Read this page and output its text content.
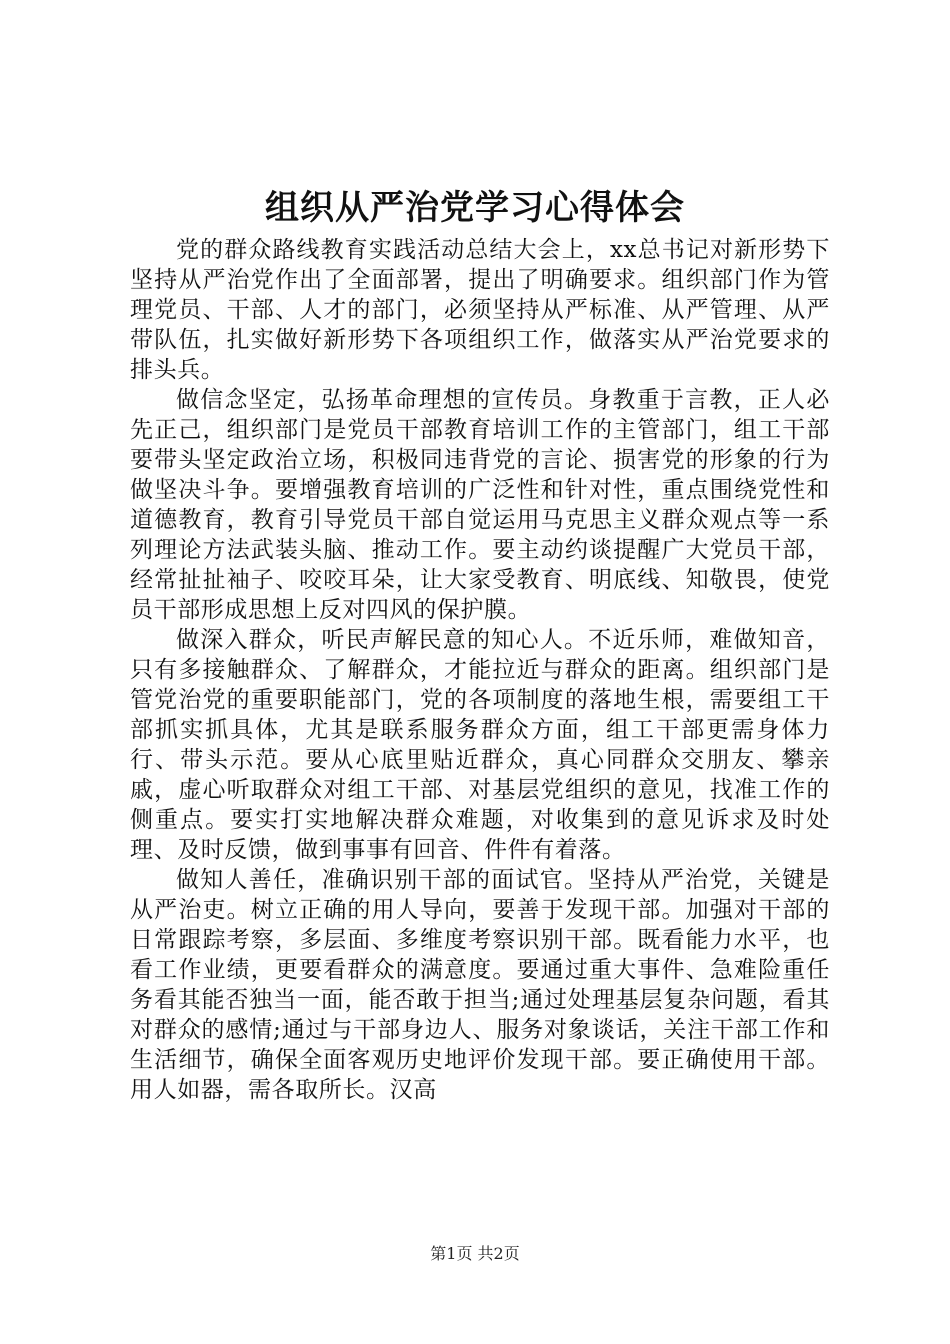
组织从严治党学习心得体会

党的群众路线教育实践活动总结大会上，xx总书记对新形势下坚持从严治党作出了全面部署，提出了明确要求。组织部门作为管理党员、干部、人才的部门，必须坚持从严标准、从严管理、从严带队伍，扎实做好新形势下各项组织工作，做落实从严治党要求的排头兵。

做信念坚定，弘扬革命理想的宣传员。身教重于言教，正人必先正己，组织部门是党员干部教育培训工作的主管部门，组工干部要带头坚定政治立场，积极同违背党的言论、损害党的形象的行为做坚决斗争。要增强教育培训的广泛性和针对性，重点围绕党性和道德教育，教育引导党员干部自觉运用马克思主义群众观点等一系列理论方法武装头脑、推动工作。要主动约谈提醒广大党员干部，经常扯扯袖子、咬咬耳朵，让大家受教育、明底线、知敬畏，使党员干部形成思想上反对四风的保护膜。

做深入群众，听民声解民意的知心人。不近乐师，难做知音，只有多接触群众、了解群众，才能拉近与群众的距离。组织部门是管党治党的重要职能部门，党的各项制度的落地生根，需要组工干部抓实抓具体，尤其是联系服务群众方面，组工干部更需身体力行、带头示范。要从心底里贴近群众，真心同群众交朋友、攀亲戚，虚心听取群众对组工干部、对基层党组织的意见，找准工作的侧重点。要实打实地解决群众难题，对收集到的意见诉求及时处理、及时反馈，做到事事有回音、件件有着落。

做知人善任，准确识别干部的面试官。坚持从严治党，关键是从严治吏。树立正确的用人导向，要善于发现干部。加强对干部的日常跟踪考察，多层面、多维度考察识别干部。既看能力水平，也看工作业绩，更要看群众的满意度。要通过重大事件、急难险重任务看其能否独当一面，能否敢于担当;通过处理基层复杂问题，看其对群众的感情;通过与干部身边人、服务对象谈话，关注干部工作和生活细节，确保全面客观历史地评价发现干部。要正确使用干部。用人如器，需各取所长。汉高

第1页 共2页
